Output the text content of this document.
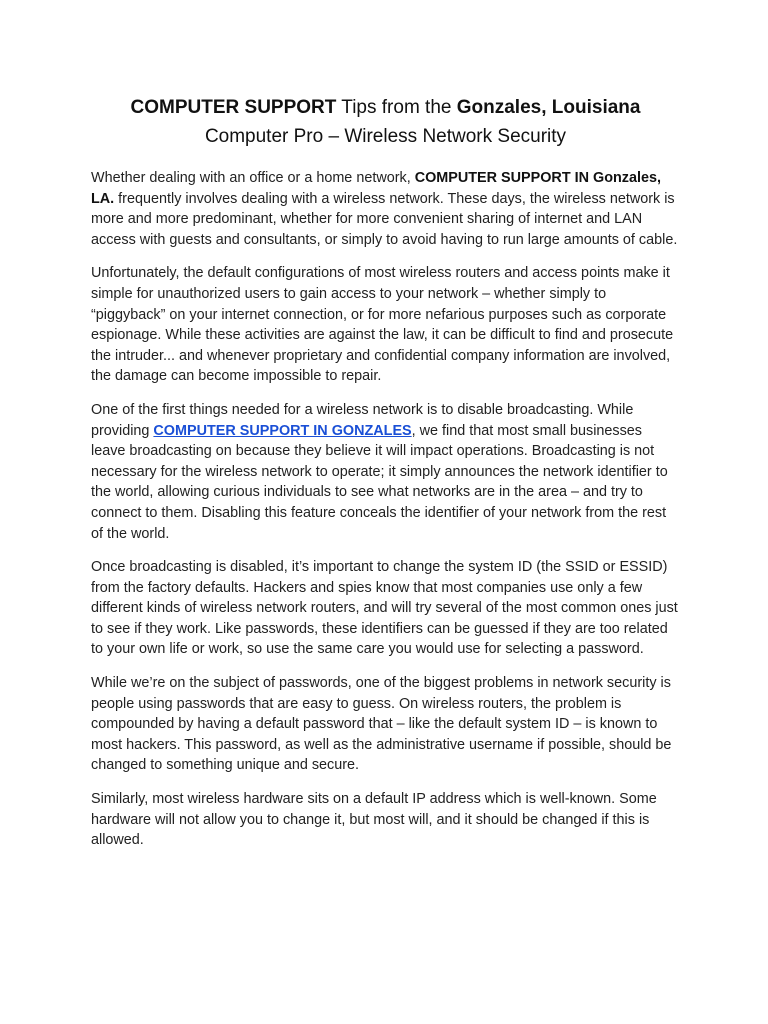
COMPUTER SUPPORT Tips from the Gonzales, Louisiana
Computer Pro – Wireless Network Security

Whether dealing with an office or a home network, COMPUTER SUPPORT IN Gonzales, LA. frequently involves dealing with a wireless network. These days, the wireless network is more and more predominant, whether for more convenient sharing of internet and LAN access with guests and consultants, or simply to avoid having to run large amounts of cable.

Unfortunately, the default configurations of most wireless routers and access points make it simple for unauthorized users to gain access to your network – whether simply to “piggyback” on your internet connection, or for more nefarious purposes such as corporate espionage. While these activities are against the law, it can be difficult to find and prosecute the intruder... and whenever proprietary and confidential company information are involved, the damage can become impossible to repair.

One of the first things needed for a wireless network is to disable broadcasting. While providing COMPUTER SUPPORT IN GONZALES, we find that most small businesses leave broadcasting on because they believe it will impact operations. Broadcasting is not necessary for the wireless network to operate; it simply announces the network identifier to the world, allowing curious individuals to see what networks are in the area – and try to connect to them. Disabling this feature conceals the identifier of your network from the rest of the world.

Once broadcasting is disabled, it’s important to change the system ID (the SSID or ESSID) from the factory defaults. Hackers and spies know that most companies use only a few different kinds of wireless network routers, and will try several of the most common ones just to see if they work. Like passwords, these identifiers can be guessed if they are too related to your own life or work, so use the same care you would use for selecting a password.

While we’re on the subject of passwords, one of the biggest problems in network security is people using passwords that are easy to guess. On wireless routers, the problem is compounded by having a default password that – like the default system ID – is known to most hackers. This password, as well as the administrative username if possible, should be changed to something unique and secure.

Similarly, most wireless hardware sits on a default IP address which is well-known. Some hardware will not allow you to change it, but most will, and it should be changed if this is allowed.
